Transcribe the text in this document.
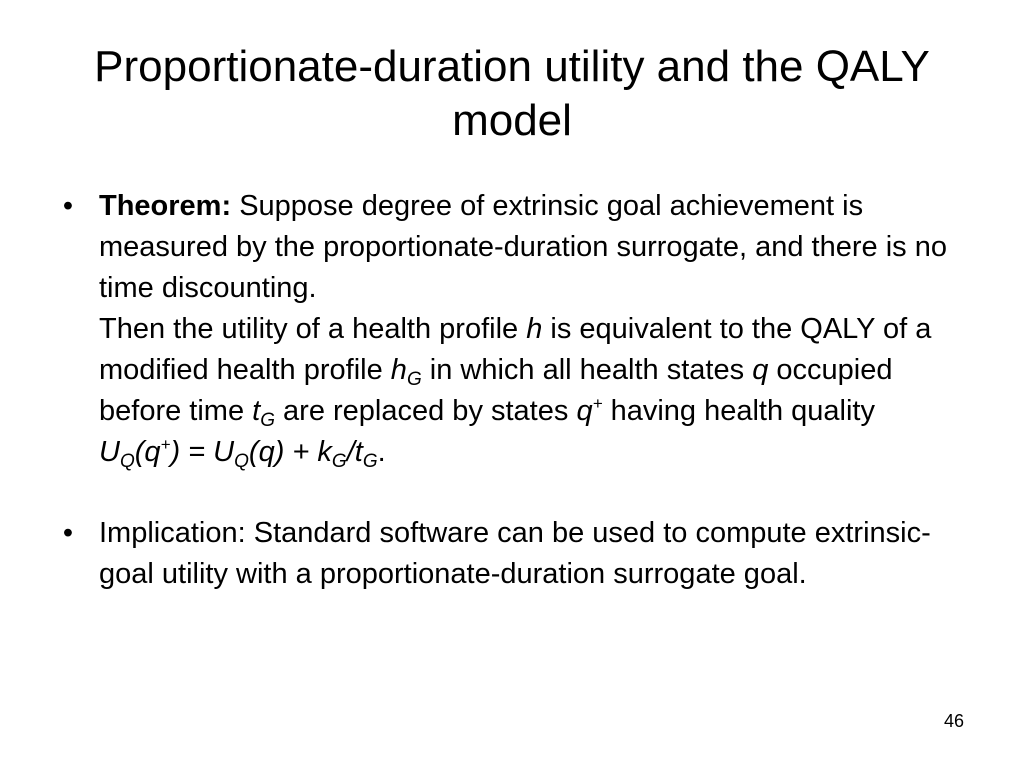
Proportionate-duration utility and the QALY model
• Theorem: Suppose degree of extrinsic goal achievement is measured by the proportionate-duration surrogate, and there is no time discounting.
Then the utility of a health profile h is equivalent to the QALY of a modified health profile $h_G$ in which all health states q occupied before time $t_G$ are replaced by states q+ having health quality $U_Q(q^+) = U_Q(q) + k_G/t_G$.
• Implication: Standard software can be used to compute extrinsic-goal utility with a proportionate-duration surrogate goal.
46
